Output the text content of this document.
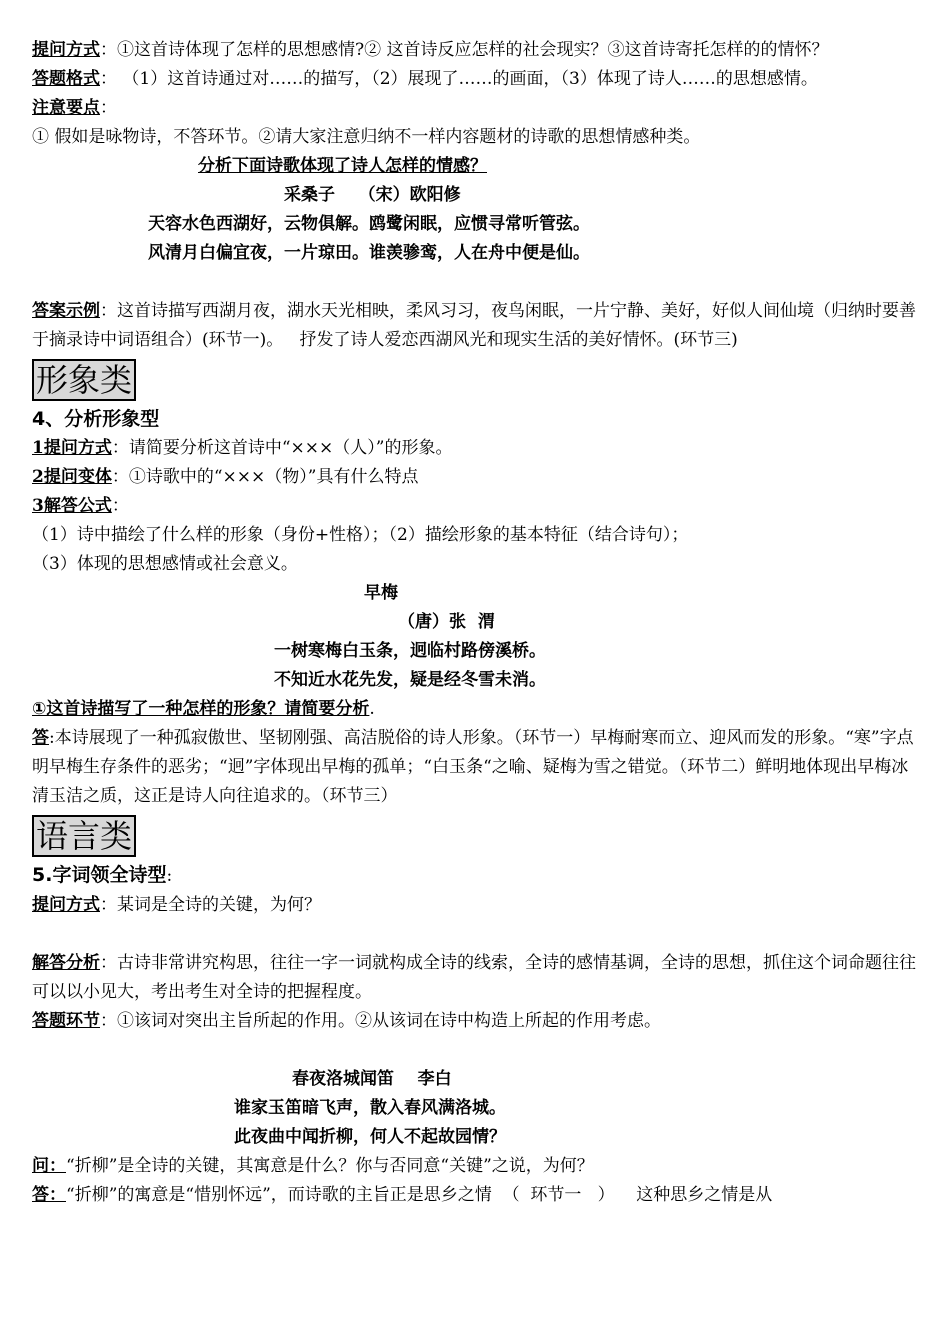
提问方式：①这首诗体现了怎样的思想感情?② 这首诗反应怎样的社会现实？③这首诗寄托怎样的的情怀？

答题格式： （1）这首诗通过对……的描写，（2）展现了……的画面，（3）体现了诗人……的思想感情。

注意要点：

① 假如是咏物诗，不答环节。②请大家注意归纳不一样内容题材的诗歌的思想情感种类。

分析下面诗歌体现了诗人怎样的情感？

采桑子    （宋）欧阳修

天容水色西湖好，云物俱解。鸥鹭闲眠，应惯寻常听管弦。

风清月白偏宜夜，一片琼田。谁羡骖鸾，人在舟中便是仙。

答案示例：这首诗描写西湖月夜，湖水天光相映，柔风习习，夜鸟闲眠，一片宁静、美好，好似人间仙境（归纳时要善于摘录诗中词语组合）(环节一)。   抒发了诗人爱恋西湖风光和现实生活的美好情怀。(环节三)

形象类

4、分析形象型

1提问方式：请简要分析这首诗中“×××（人）”的形象。

2提问变体：①诗歌中的“×××（物）”具有什么特点

3解答公式：

（1）诗中描绘了什么样的形象（身份+性格）；（2）描绘形象的基本特征（结合诗句）；

（3）体现的思想感情或社会意义。

早梅

（唐）张  渭

一树寒梅白玉条，迥临村路傍溪桥。

不知近水花先发，疑是经冬雪未消。

①这首诗描写了一种怎样的形象？请简要分析.

答:本诗展现了一种孤寂傲世、坚韧刚强、高洁脱俗的诗人形象。（环节一）早梅耐寒而立、迎风而发的形象。“寒”字点明早梅生存条件的恶劣；“迥”字体现出早梅的孤单；“白玉条“之喻、疑梅为雪之错觉。（环节二）鲜明地体现出早梅冰清玉洁之质，这正是诗人向往追求的。（环节三）

语言类

5.字词领全诗型:

提问方式：某词是全诗的关键，为何？

解答分析：古诗非常讲究构思，往往一字一词就构成全诗的线索，全诗的感情基调，全诗的思想，抓住这个词命题往往可以以小见大，考出考生对全诗的把握程度。

答题环节：①该词对突出主旨所起的作用。②从该词在诗中构造上所起的作用考虑。

春夜洛城闻笛    李白

谁家玉笛暗飞声，散入春风满洛城。

此夜曲中闻折柳，何人不起故园情？

问：“折柳”是全诗的关键，其寓意是什么？你与否同意“关键”之说，为何？

答：“折柳”的寓意是“惜别怀远”，而诗歌的主旨正是思乡之情  （  环节一   ）    这种思乡之情是从
